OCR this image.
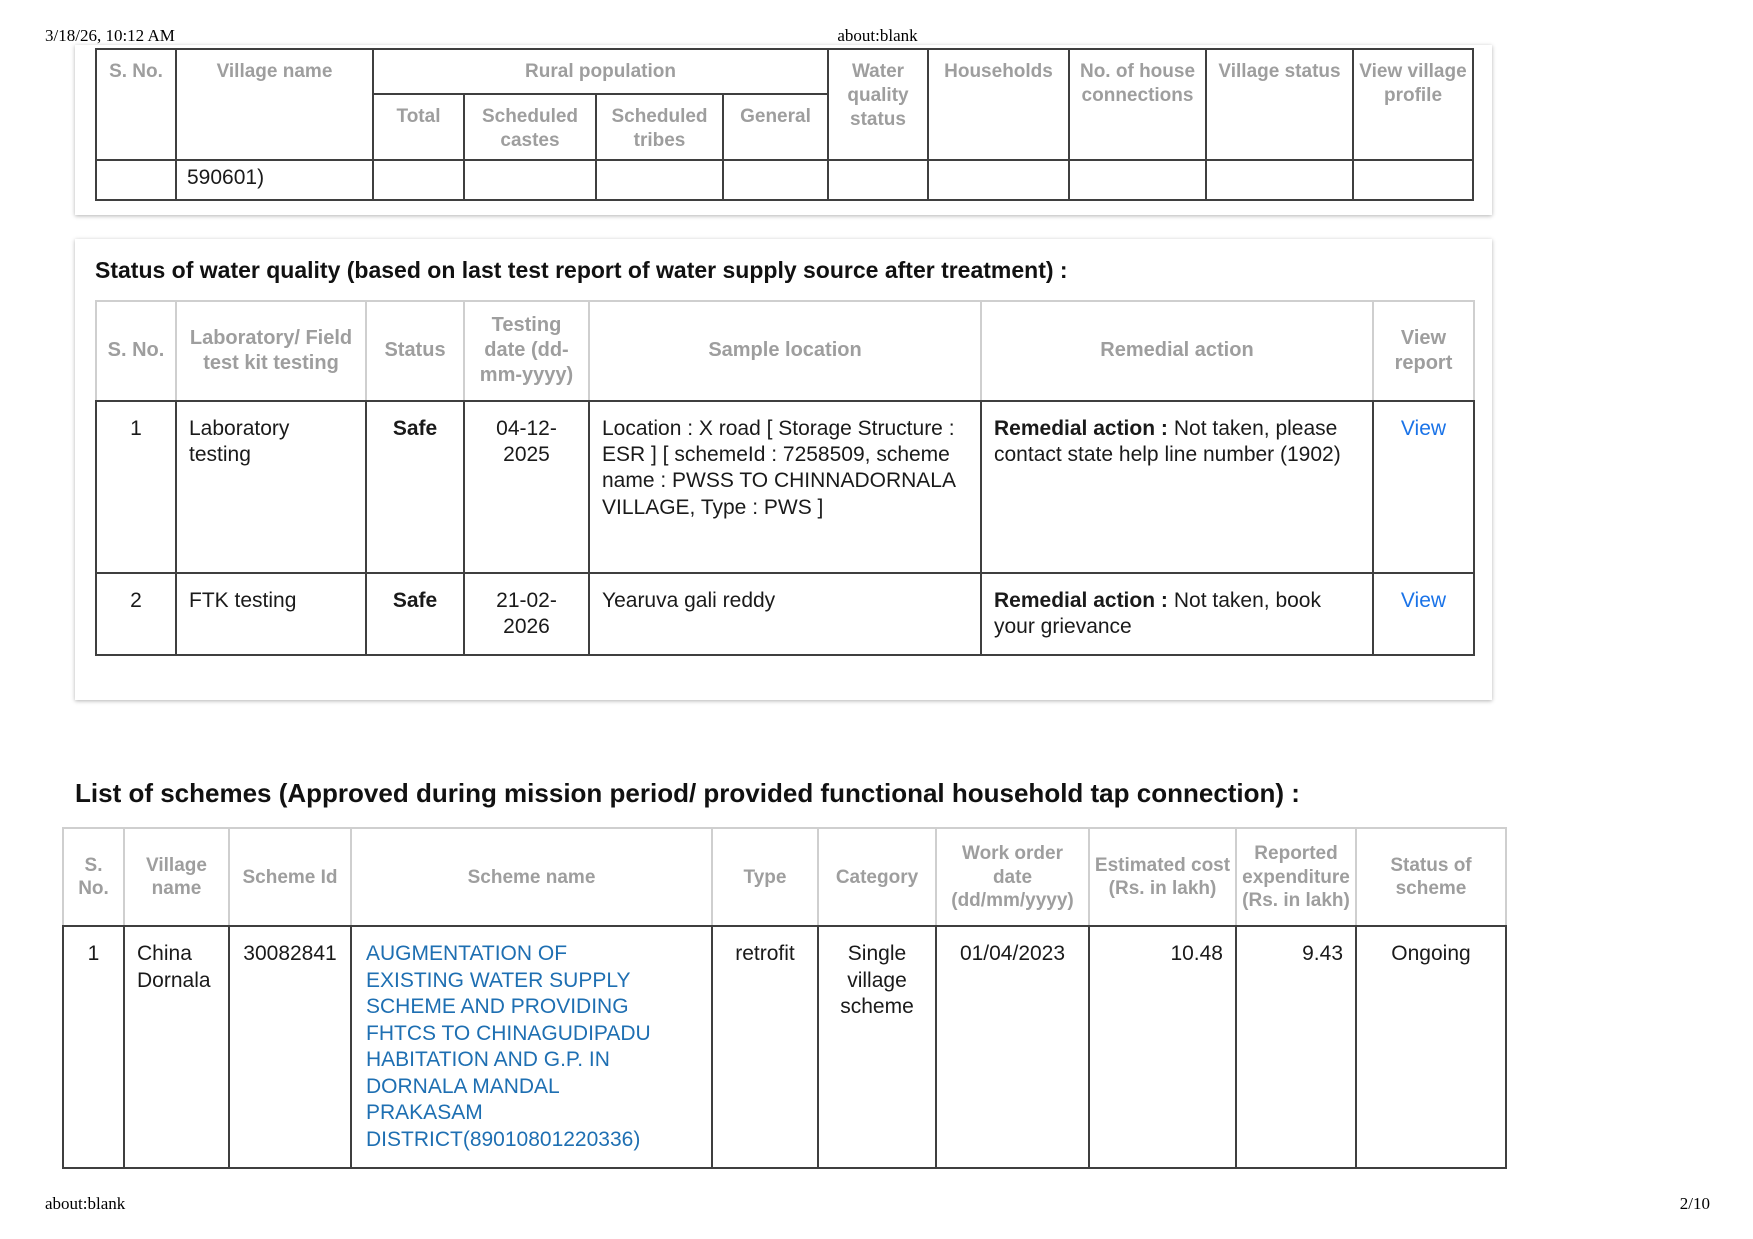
3/18/26, 10:12 AM	about:blank
S. No.	Village name	Rural population				Water quality status	Households	No. of house connections	Village status	View village profile
		Total	Scheduled castes	Scheduled tribes	General					
	590601)									
Status of water quality (based on last test report of water supply source after treatment) :
S. No.	Laboratory/ Field test kit testing	Status	Testing date (dd-mm-yyyy)	Sample location	Remedial action	View report
1	Laboratory testing	Safe	04-12-2025	Location : X road [ Storage Structure : ESR ] [ schemeId : 7258509, scheme name : PWSS TO CHINNADORNALA VILLAGE, Type : PWS ]	Remedial action : Not taken, please contact state help line number (1902)	View
2	FTK testing	Safe	21-02-2026	Yearuva gali reddy	Remedial action : Not taken, book your grievance	View
List of schemes (Approved during mission period/ provided functional household tap connection) :
S. No.	Village name	Scheme Id	Scheme name	Type	Category	Work order date (dd/mm/yyyy)	Estimated cost (Rs. in lakh)	Reported expenditure (Rs. in lakh)	Status of scheme
1	China Dornala	30082841	AUGMENTATION OF EXISTING WATER SUPPLY SCHEME AND PROVIDING FHTCS TO CHINAGUDIPADU HABITATION AND G.P. IN DORNALA MANDAL PRAKASAM DISTRICT(89010801220336)	retrofit	Single village scheme	01/04/2023	10.48	9.43	Ongoing
about:blank	2/10
